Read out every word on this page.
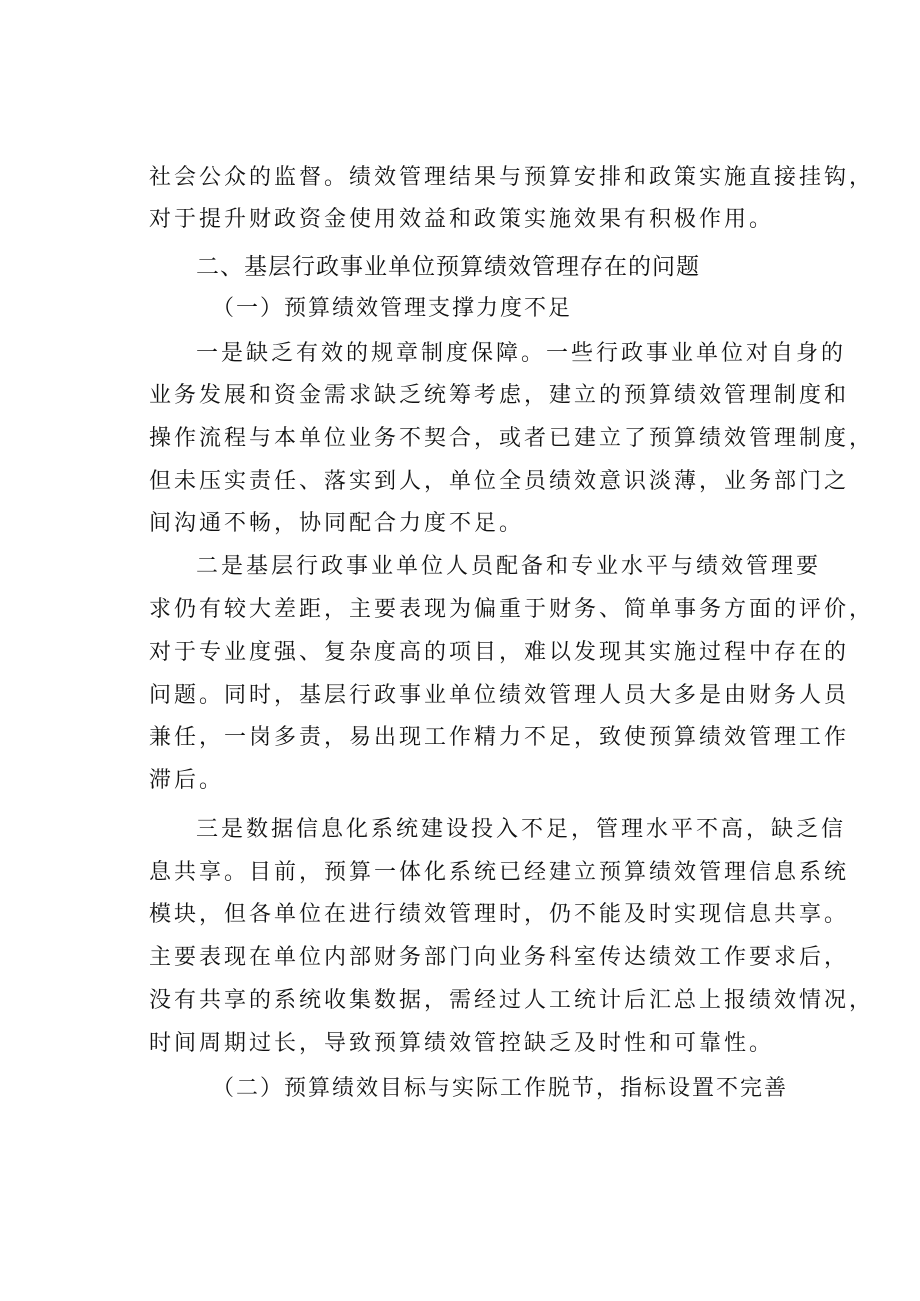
社会公众的监督。绩效管理结果与预算安排和政策实施直接挂钩，
对于提升财政资金使用效益和政策实施效果有积极作用。
二、基层行政事业单位预算绩效管理存在的问题
（一）预算绩效管理支撑力度不足
一是缺乏有效的规章制度保障。一些行政事业单位对自身的
业务发展和资金需求缺乏统筹考虑，建立的预算绩效管理制度和
操作流程与本单位业务不契合，或者已建立了预算绩效管理制度，
但未压实责任、落实到人，单位全员绩效意识淡薄，业务部门之
间沟通不畅，协同配合力度不足。
二是基层行政事业单位人员配备和专业水平与绩效管理要
求仍有较大差距，主要表现为偏重于财务、简单事务方面的评价，
对于专业度强、复杂度高的项目，难以发现其实施过程中存在的
问题。同时，基层行政事业单位绩效管理人员大多是由财务人员
兼任，一岗多责，易出现工作精力不足，致使预算绩效管理工作
滞后。
三是数据信息化系统建设投入不足，管理水平不高，缺乏信
息共享。目前，预算一体化系统已经建立预算绩效管理信息系统
模块，但各单位在进行绩效管理时，仍不能及时实现信息共享。
主要表现在单位内部财务部门向业务科室传达绩效工作要求后，
没有共享的系统收集数据，需经过人工统计后汇总上报绩效情况，
时间周期过长，导致预算绩效管控缺乏及时性和可靠性。
（二）预算绩效目标与实际工作脱节，指标设置不完善
